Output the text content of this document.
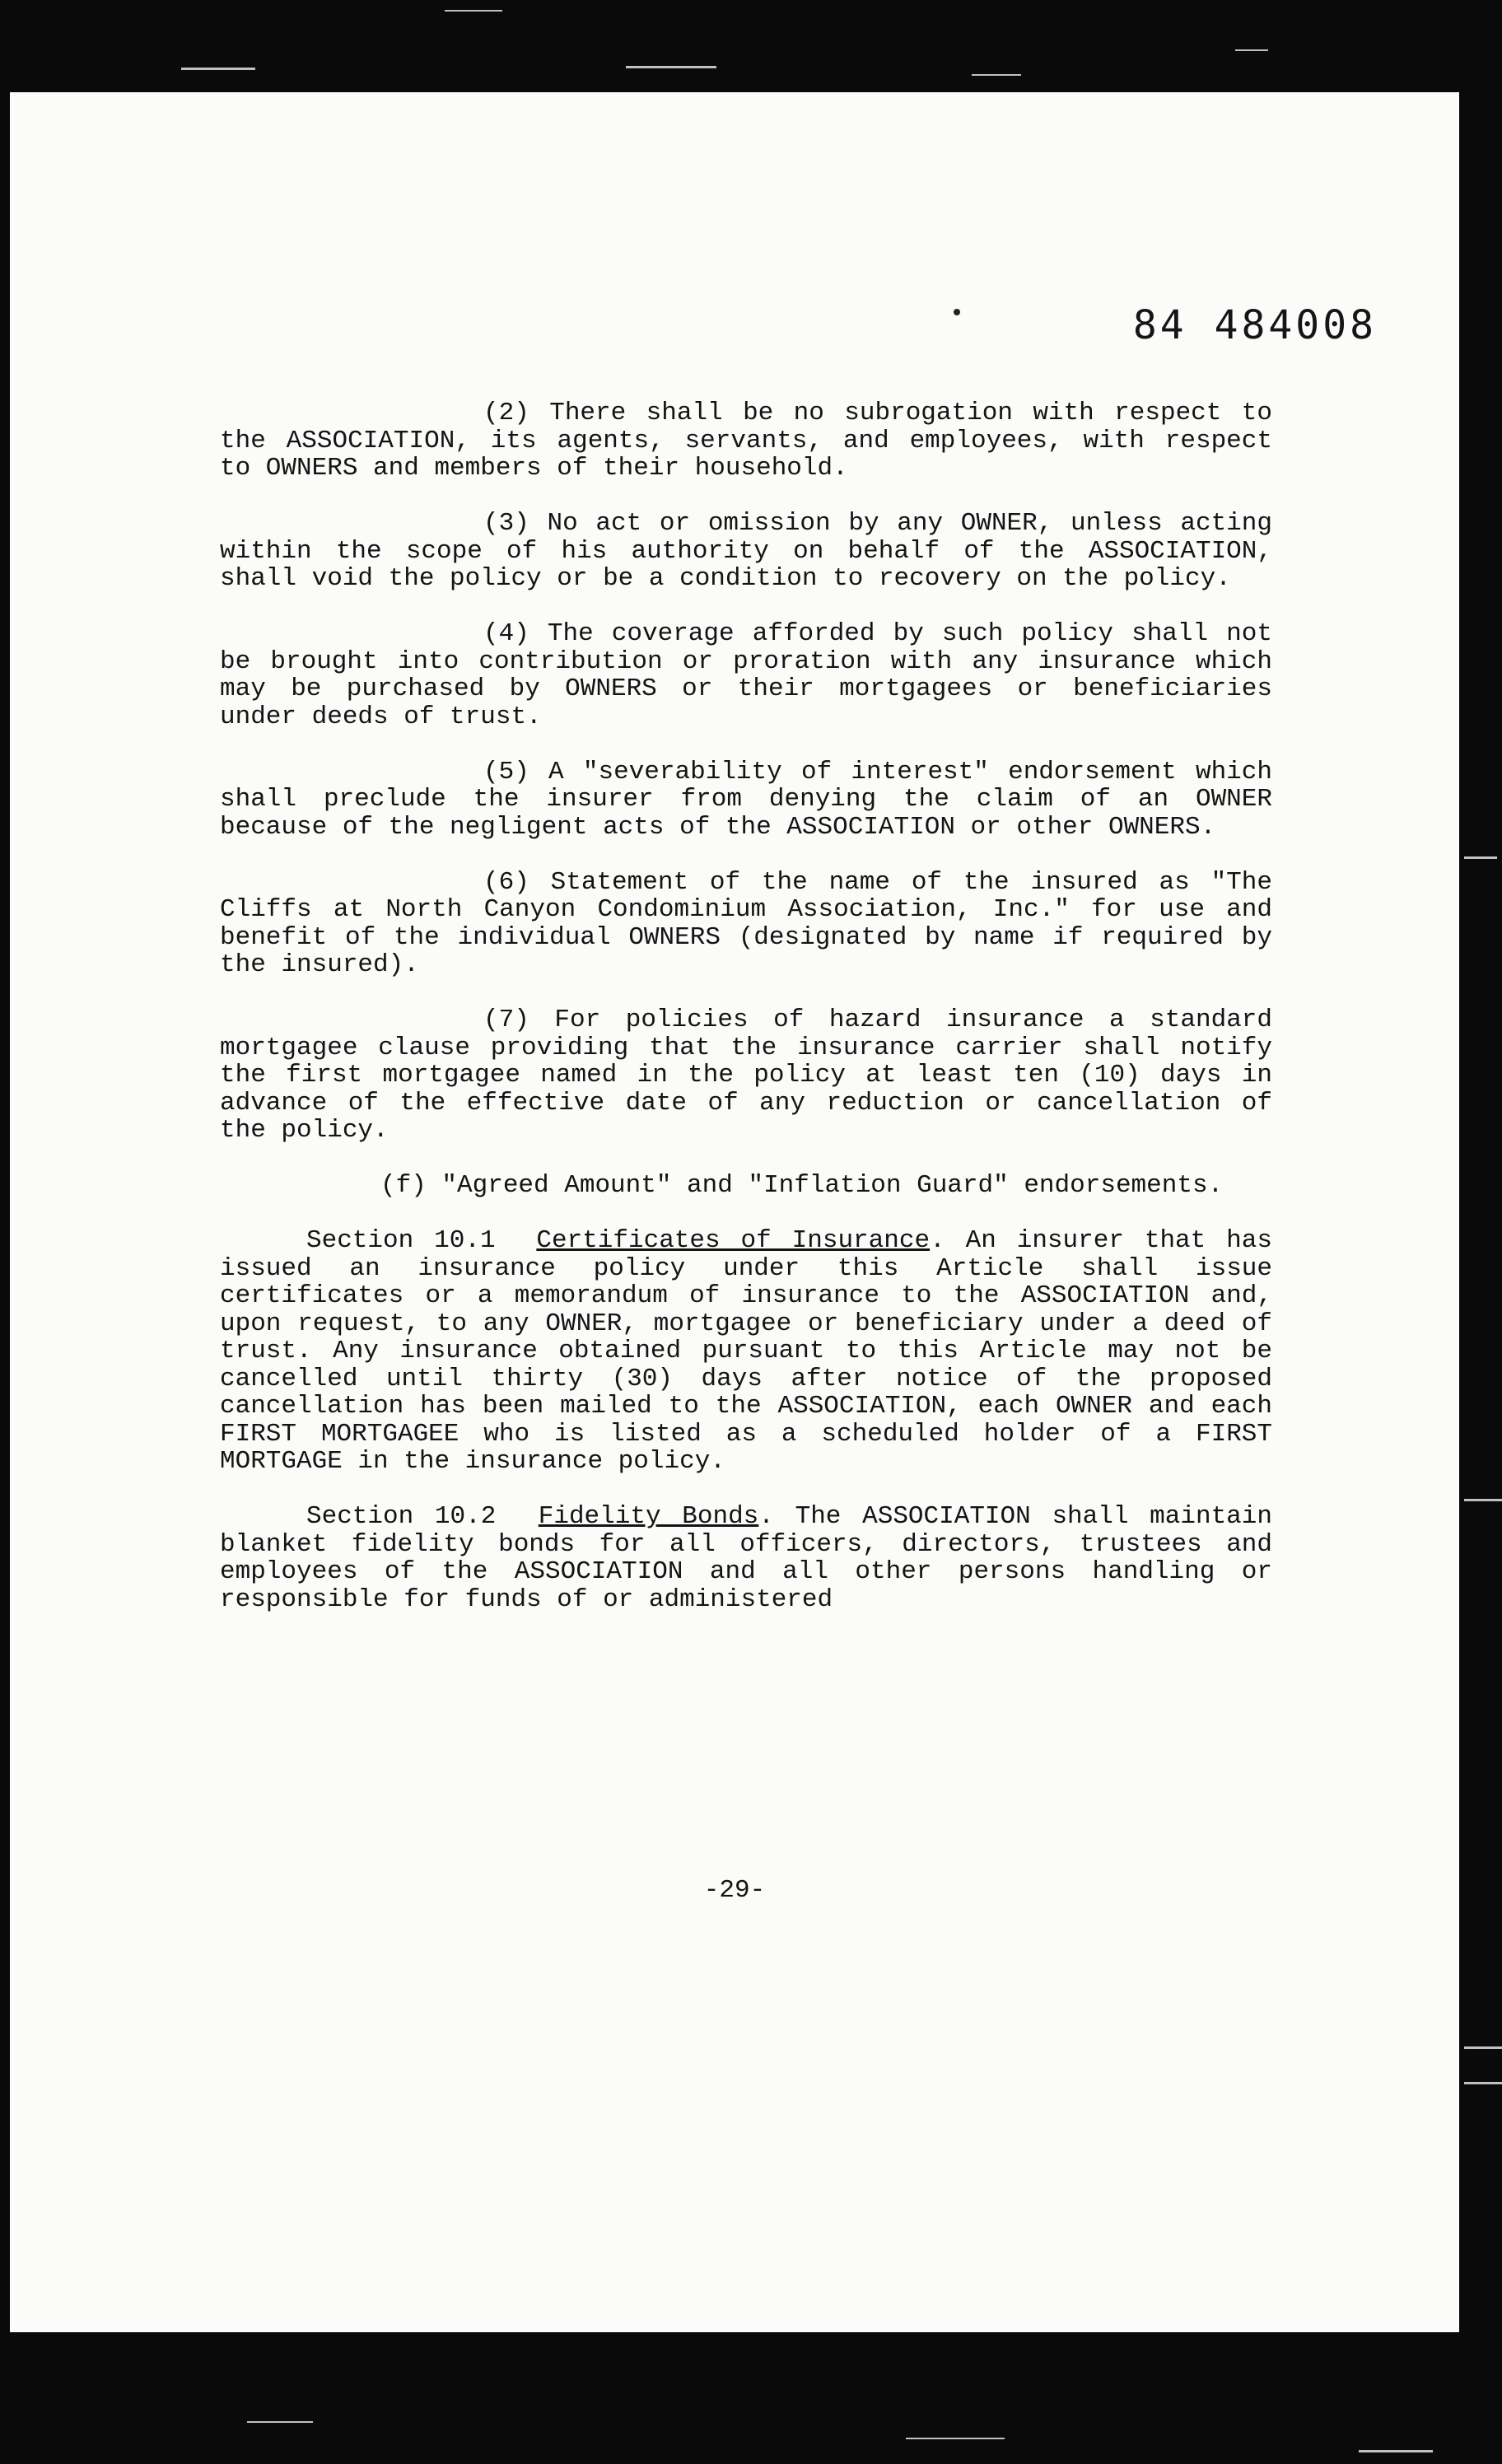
84 484008

(2) There shall be no subrogation with respect to the ASSOCIATION, its agents, servants, and employees, with respect to OWNERS and members of their household.

(3) No act or omission by any OWNER, unless acting within the scope of his authority on behalf of the ASSOCIATION, shall void the policy or be a condition to recovery on the policy.

(4) The coverage afforded by such policy shall not be brought into contribution or proration with any insurance which may be purchased by OWNERS or their mortgagees or beneficiaries under deeds of trust.

(5) A "severability of interest" endorsement which shall preclude the insurer from denying the claim of an OWNER because of the negligent acts of the ASSOCIATION or other OWNERS.

(6) Statement of the name of the insured as "The Cliffs at North Canyon Condominium Association, Inc." for use and benefit of the individual OWNERS (designated by name if required by the insured).

(7) For policies of hazard insurance a standard mortgagee clause providing that the insurance carrier shall notify the first mortgagee named in the policy at least ten (10) days in advance of the effective date of any reduction or cancellation of the policy.

(f) "Agreed Amount" and "Inflation Guard" endorsements.

Section 10.1 Certificates of Insurance. An insurer that has issued an insurance policy under this Article shall issue certificates or a memorandum of insurance to the ASSOCIATION and, upon request, to any OWNER, mortgagee or beneficiary under a deed of trust. Any insurance obtained pursuant to this Article may not be cancelled until thirty (30) days after notice of the proposed cancellation has been mailed to the ASSOCIATION, each OWNER and each FIRST MORTGAGEE who is listed as a scheduled holder of a FIRST MORTGAGE in the insurance policy.

Section 10.2 Fidelity Bonds. The ASSOCIATION shall maintain blanket fidelity bonds for all officers, directors, trustees and employees of the ASSOCIATION and all other persons handling or responsible for funds of or administered

-29-
